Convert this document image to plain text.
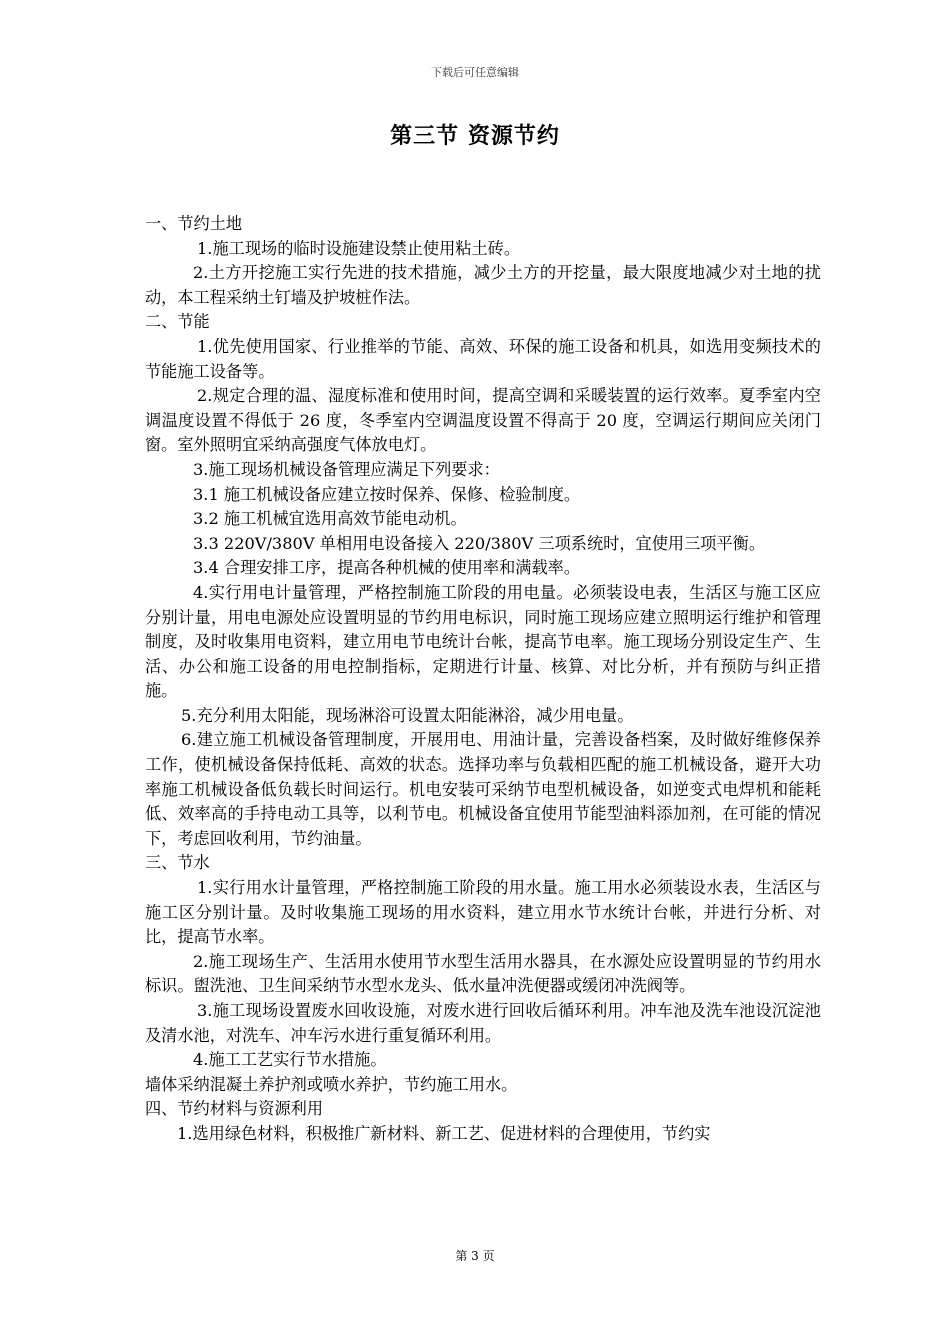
下载后可任意编辑
第三节 资源节约

一、节约土地

1.施工现场的临时设施建设禁止使用粘土砖。

2.土方开挖施工实行先进的技术措施，减少土方的开挖量，最大限度地减少对土地的扰动，本工程采纳土钉墙及护坡桩作法。

二、节能

1.优先使用国家、行业推举的节能、高效、环保的施工设备和机具，如选用变频技术的节能施工设备等。

2.规定合理的温、湿度标准和使用时间，提高空调和采暖装置的运行效率。夏季室内空调温度设置不得低于 26 度，冬季室内空调温度设置不得高于 20 度，空调运行期间应关闭门窗。室外照明宜采纳高强度气体放电灯。

3.施工现场机械设备管理应满足下列要求：

3.1 施工机械设备应建立按时保养、保修、检验制度。

3.2 施工机械宜选用高效节能电动机。

3.3 220V/380V 单相用电设备接入 220/380V 三项系统时，宜使用三项平衡。

3.4 合理安排工序，提高各种机械的使用率和满载率。

4.实行用电计量管理，严格控制施工阶段的用电量。必须装设电表，生活区与施工区应分别计量，用电电源处应设置明显的节约用电标识，同时施工现场应建立照明运行维护和管理制度，及时收集用电资料，建立用电节电统计台帐，提高节电率。施工现场分别设定生产、生活、办公和施工设备的用电控制指标，定期进行计量、核算、对比分析，并有预防与纠正措施。

5.充分利用太阳能，现场淋浴可设置太阳能淋浴，减少用电量。

6.建立施工机械设备管理制度，开展用电、用油计量，完善设备档案，及时做好维修保养工作，使机械设备保持低耗、高效的状态。选择功率与负载相匹配的施工机械设备，避开大功率施工机械设备低负载长时间运行。机电安装可采纳节电型机械设备，如逆变式电焊机和能耗低、效率高的手持电动工具等，以利节电。机械设备宜使用节能型油料添加剂，在可能的情况下，考虑回收利用，节约油量。

三、节水

1.实行用水计量管理，严格控制施工阶段的用水量。施工用水必须装设水表，生活区与施工区分别计量。及时收集施工现场的用水资料，建立用水节水统计台帐，并进行分析、对比，提高节水率。

2.施工现场生产、生活用水使用节水型生活用水器具，在水源处应设置明显的节约用水标识。盥洗池、卫生间采纳节水型水龙头、低水量冲洗便器或缓闭冲洗阀等。

3.施工现场设置废水回收设施，对废水进行回收后循环利用。冲车池及洗车池设沉淀池及清水池，对洗车、冲车污水进行重复循环利用。

4.施工工艺实行节水措施。

墙体采纳混凝土养护剂或喷水养护，节约施工用水。

四、节约材料与资源利用

1.选用绿色材料，积极推广新材料、新工艺、促进材料的合理使用，节约实

第 3 页
